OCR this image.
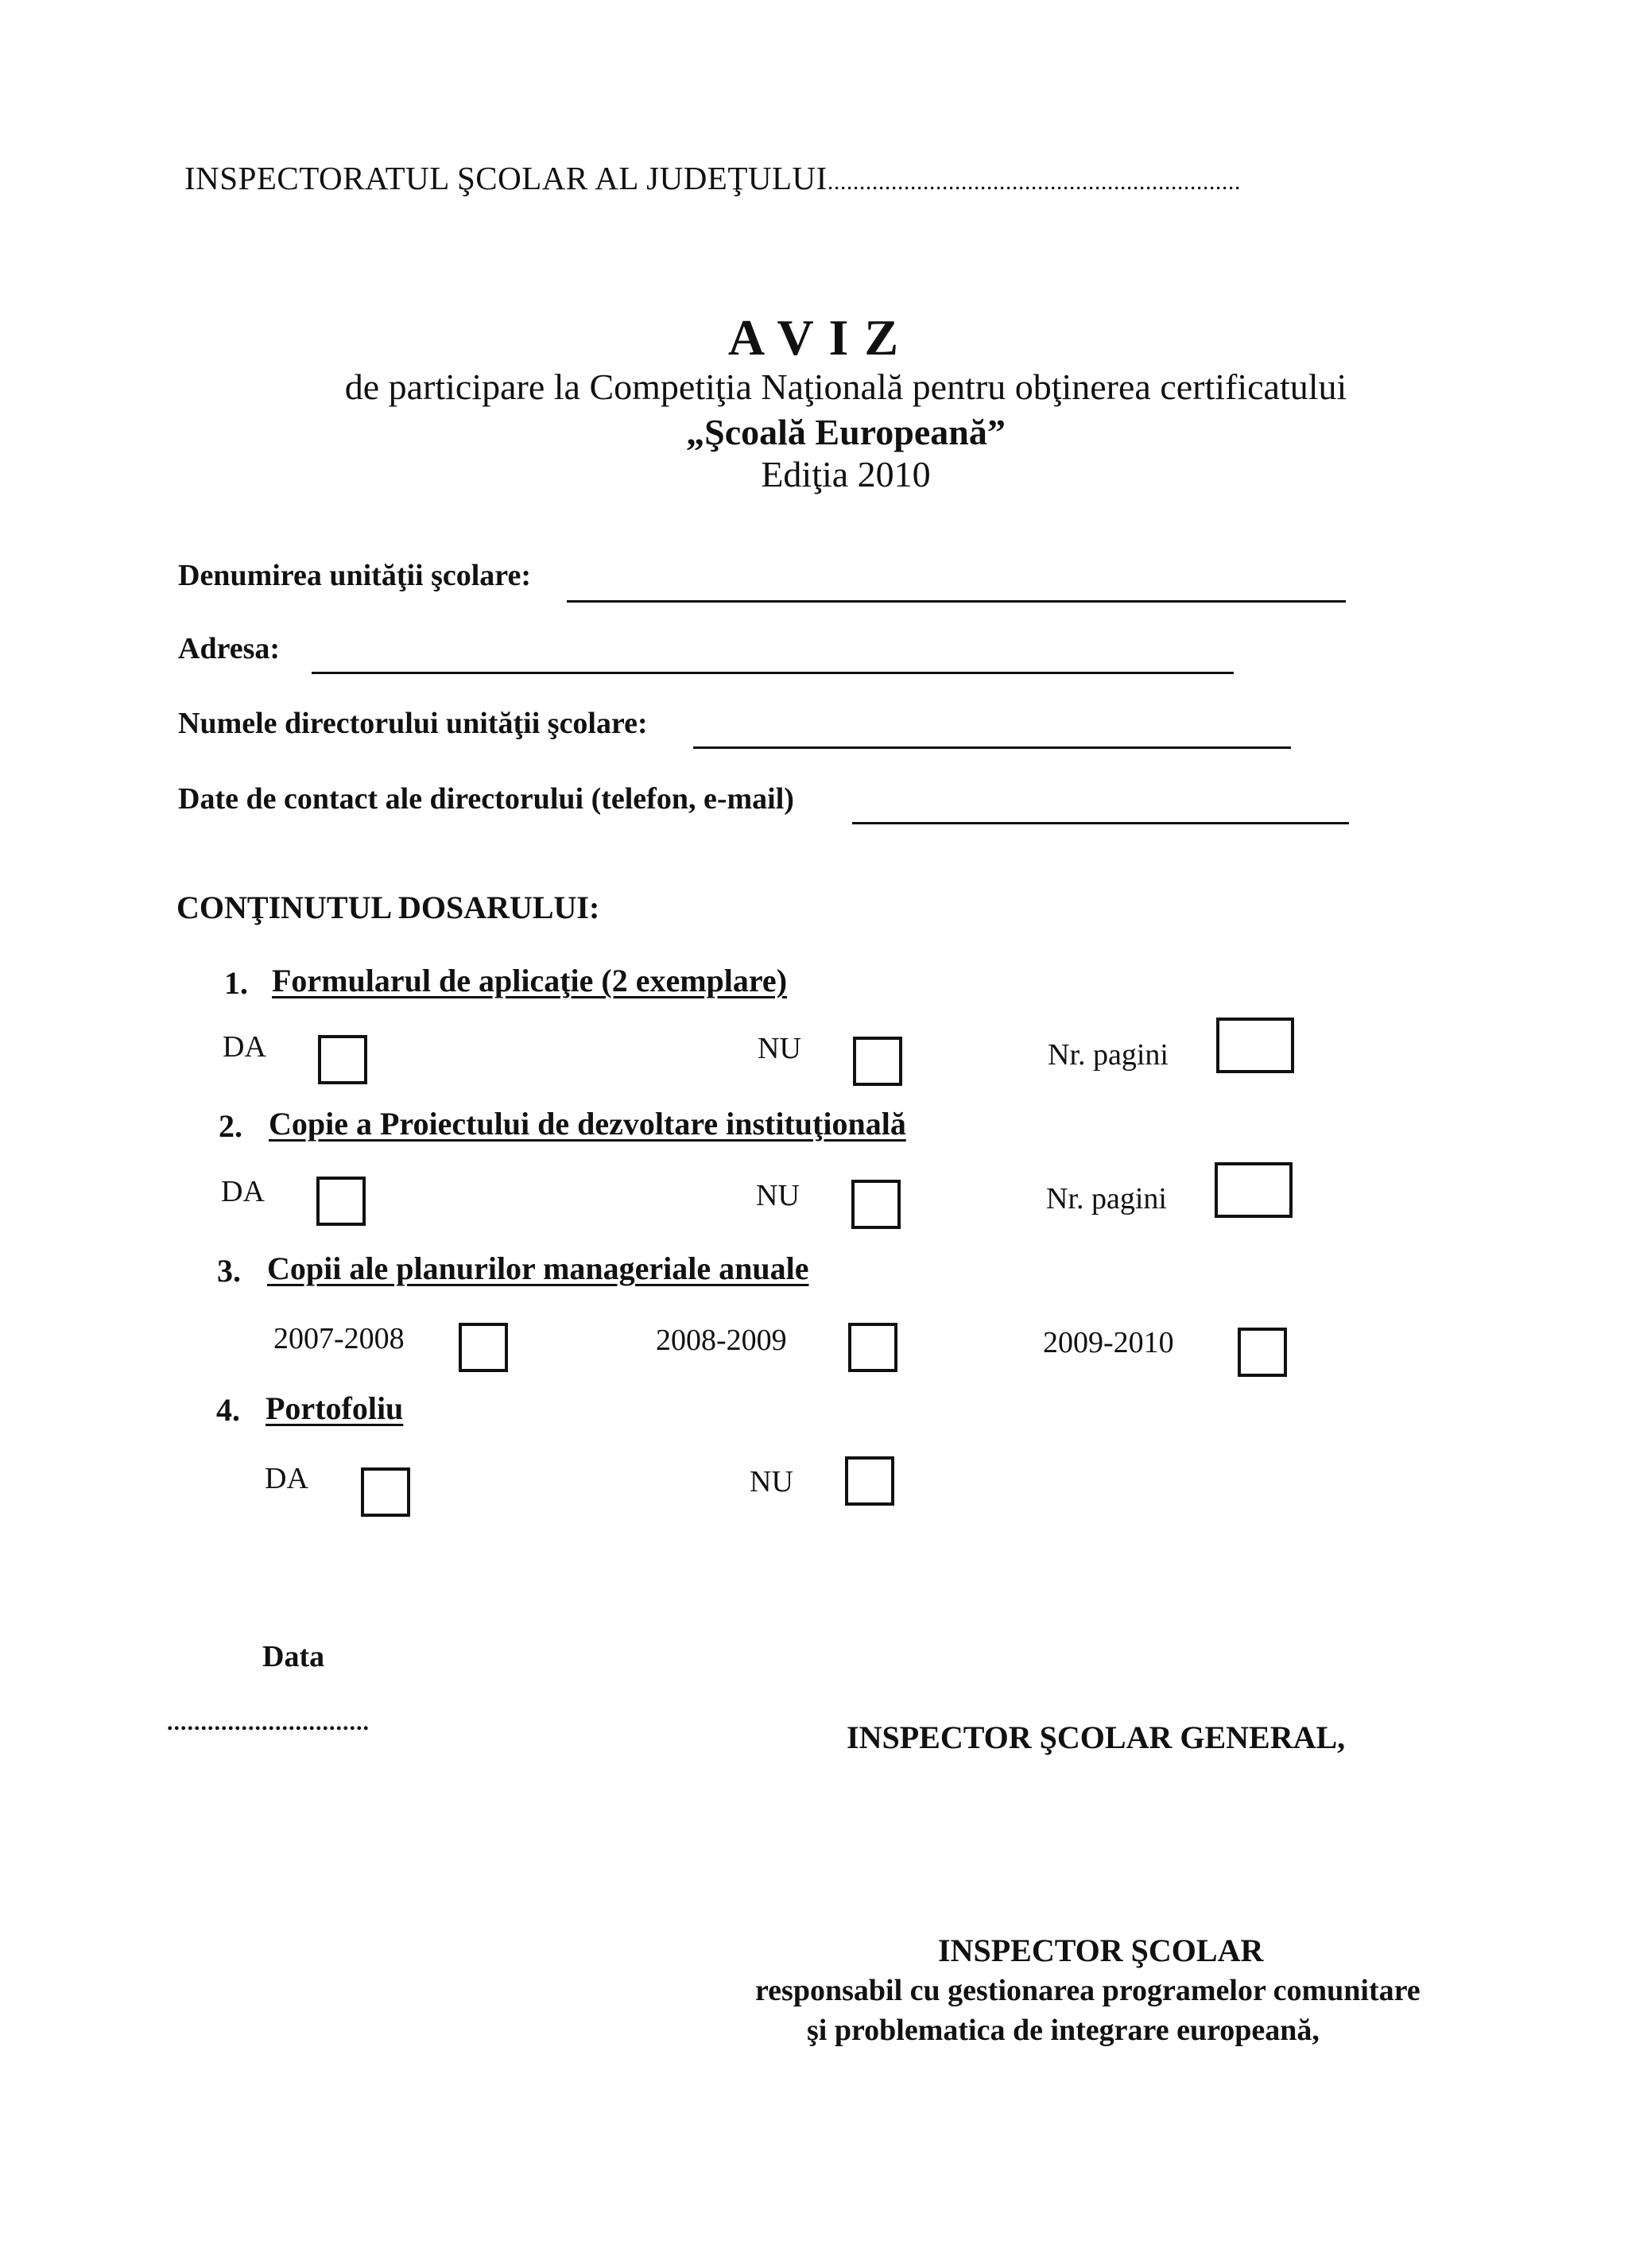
INSPECTORATUL ŞCOLAR AL JUDEŢULUI.................................................................
A V I Z
de participare la Competiţia Naţională pentru obţinerea certificatului
„Şcoală Europeană”
Ediţia 2010
Denumirea unităţii şcolare:
Adresa:
Numele directorului unităţii şcolare:
Date de contact ale directorului (telefon, e-mail)
CONŢINUTUL DOSARULUI:
1. Formularul de aplicaţie (2 exemplare)
DA	NU	Nr. pagini
2. Copie a Proiectului de dezvoltare instituţională
DA	NU	Nr. pagini
3. Copii ale planurilor manageriale anuale
2007-2008	2008-2009	2009-2010
4. Portofoliu
DA	NU
Data
..............................	INSPECTOR ŞCOLAR GENERAL,
INSPECTOR ŞCOLAR
responsabil cu gestionarea programelor comunitare
şi problematica de integrare europeană,
